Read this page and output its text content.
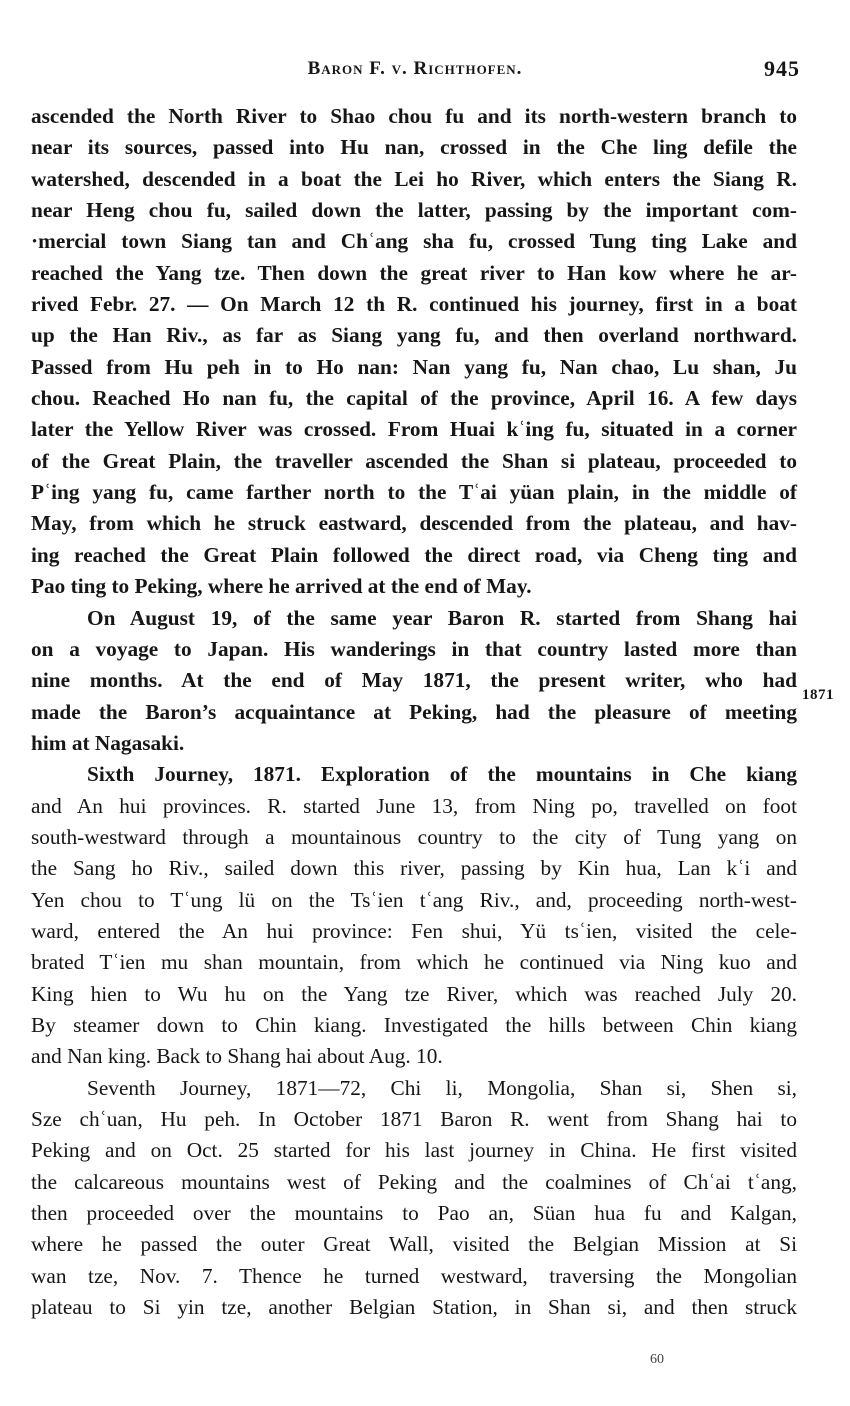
Baron F. v. Richthofen.	945
ascended the North River to Shao chou fu and its north-western branch to
near its sources, passed into Hu nan, crossed in the Che ling defile the
watershed, descended in a boat the Lei ho River, which enters the Siang R.
near Heng chou fu, sailed down the latter, passing by the important com-
·mercial town Siang tan and Chʿang sha fu, crossed Tung ting Lake and
reached the Yang tze. Then down the great river to Han kow where he ar-
rived Febr. 27. — On March 12 th R. continued his journey, first in a boat
up the Han Riv., as far as Siang yang fu, and then overland northward.
Passed from Hu peh in to Ho nan: Nan yang fu, Nan chao, Lu shan, Ju
chou. Reached Ho nan fu, the capital of the province, April 16. A few days
later the Yellow River was crossed. From Huai kʿing fu, situated in a corner
of the Great Plain, the traveller ascended the Shan si plateau, proceeded to
Pʿing yang fu, came farther north to the Tʿai yüan plain, in the middle of
May, from which he struck eastward, descended from the plateau, and hav-
ing reached the Great Plain followed the direct road, via Cheng ting and
Pao ting to Peking, where he arrived at the end of May.
On August 19, of the same year Baron R. started from Shang hai
on a voyage to Japan. His wanderings in that country lasted more than
nine months. At the end of May 1871, the present writer, who had
made the Baron’s acquaintance at Peking, had the pleasure of meeting
him at Nagasaki.
Sixth Journey, 1871. Exploration of the mountains in Che kiang
and An hui provinces. R. started June 13, from Ning po, travelled on foot
south-westward through a mountainous country to the city of Tung yang on
the Sang ho Riv., sailed down this river, passing by Kin hua, Lan kʿi and
Yen chou to Tʿung lü on the Tsʿien tʿang Riv., and, proceeding north-west-
ward, entered the An hui province: Fen shui, Yü tsʿien, visited the cele-
brated Tʿien mu shan mountain, from which he continued via Ning kuo and
King hien to Wu hu on the Yang tze River, which was reached July 20.
By steamer down to Chin kiang. Investigated the hills between Chin kiang
and Nan king. Back to Shang hai about Aug. 10.
Seventh Journey, 1871—72, Chi li, Mongolia, Shan si, Shen si,
Sze chʿuan, Hu peh. In October 1871 Baron R. went from Shang hai to
Peking and on Oct. 25 started for his last journey in China. He first visited
the calcareous mountains west of Peking and the coalmines of Chʿai tʿang,
then proceeded over the mountains to Pao an, Süan hua fu and Kalgan,
where he passed the outer Great Wall, visited the Belgian Mission at Si
wan tze, Nov. 7. Thence he turned westward, traversing the Mongolian
plateau to Si yin tze, another Belgian Station, in Shan si, and then struck
1871
60
